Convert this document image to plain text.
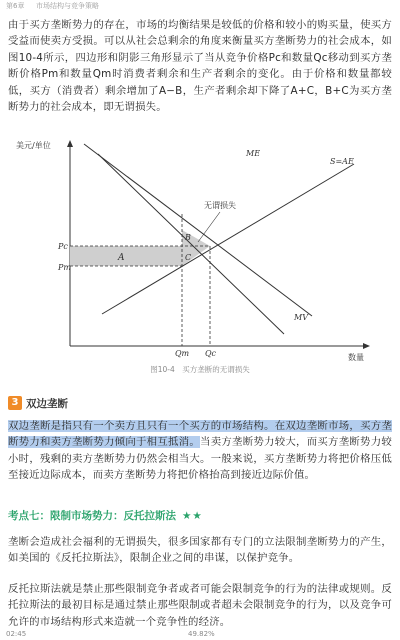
第6章 市场结构与竞争策略

由于买方垄断势力的存在，市场的均衡结果是较低的价格和较小的购买量，使买方受益而使卖方受损。可以从社会总剩余的角度来衡量买方垄断势力的社会成本，如图10-4所示，四边形和阴影三角形显示了当从竞争价格Pc和数量Qc移动到买方垄断价格Pm和数量Qm时消费者剩余和生产者剩余的变化。由于价格和数量都较低，买方（消费者）剩余增加了A−B，生产者剩余却下降了A+C，B+C为买方垄断势力的社会成本，即无谓损失。

无谓损失
美元/单位
数量
ME
S=AE
MV
A
B
C
Pc
Pm
Qm Qc
图10-4　买方垄断的无谓损失
3 双边垄断

双边垄断是指只有一个卖方且只有一个买方的市场结构。在双边垄断市场，买方垄断势力和卖方垄断势力倾向于相互抵消。当卖方垄断势力较大，而买方垄断势力较小时，残剩的卖方垄断势力仍然会相当大。一般来说，买方垄断势力将把价格压低至接近边际成本，而卖方垄断势力将把价格抬高到接近边际价值。

考点七：限制市场势力：反托拉斯法 ★★

垄断会造成社会福利的无谓损失，很多国家都有专门的立法限制垄断势力的产生，如美国的《反托拉斯法》，限制企业之间的串谋，以保护竞争。

反托拉斯法就是禁止那些限制竞争者或者可能会限制竞争的行为的法律或规则。反托拉斯法的最初目标是通过禁止那些限制或者超未会限制竞争的行为，以及竞争可允许的市场结构形式来造就一个竞争性的经济。

02:45	49.82%
